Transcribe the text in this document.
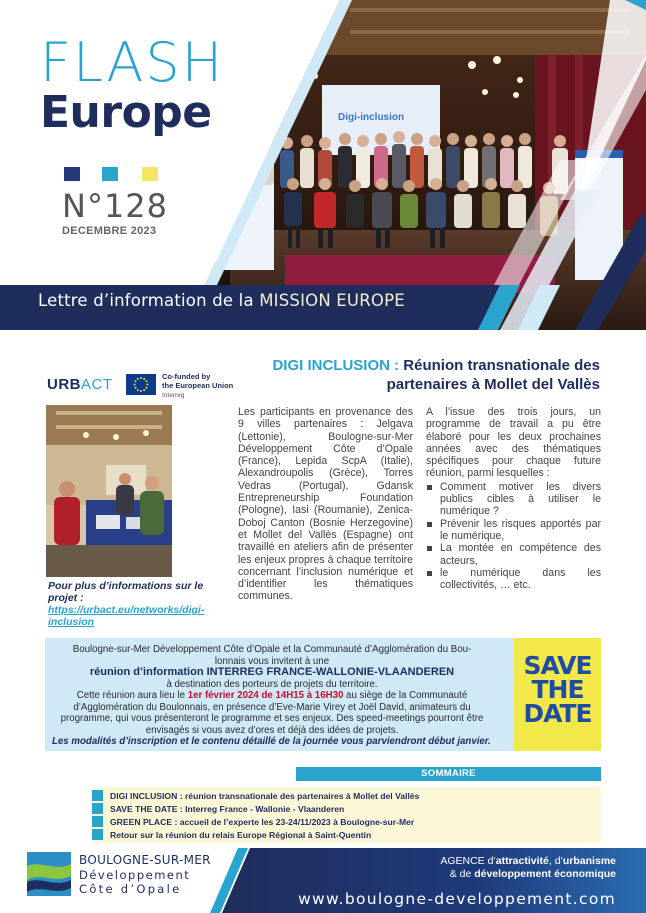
Digi-inclusion
FLASH
Europe
N°128
DECEMBRE 2023
Lettre d’information de la MISSION EUROPE
DIGI INCLUSION : Réunion transnationale des
partenaires à Mollet del Vallès
URBACT	Co-funded by
the European Union
Interreg
Pour plus d’informations sur le projet : https://urbact.eu/networks/digi-inclusion
Les participants en provenance des 9 villes partenaires : Jelgava (Lettonie), Boulogne-sur-Mer Développement Côte d’Opale (France), Lepida ScpA (Italie), Alexandroupolis (Grèce), Torres Vedras (Portugal), Gdansk Entrepreneurship Foundation (Pologne), Iasi (Roumanie), Zenica- Doboj Canton (Bosnie Herzegovine) et Mollet del Vallès (Espagne) ont travaillé en ateliers afin de présenter les enjeux propres à chaque territoire concernant l’inclusion numérique et d’identifier les thématiques communes.
A l’issue des trois jours, un programme de travail a pu être élaboré pour les deux prochaines années avec des thématiques spécifiques pour chaque future réunion, parmi lesquelles :
Comment motiver les divers publics cibles à utiliser le numérique ?
Prévenir les risques apportés par le numérique,
La montée en compétence des acteurs,
le numérique dans les collectivités, … etc.
Boulogne-sur-Mer Développement Côte d’Opale et la Communauté d’Agglomération du Bou-
lonnais vous invitent à une
réunion d’information INTERREG FRANCE-WALLONIE-VLAANDEREN
à destination des porteurs de projets du territoire.
Cette réunion aura lieu le 1er février 2024 de 14H15 à 16H30 au siège de la Communauté d’Agglomération du Boulonnais, en présence d’Eve-Marie Virey et Joël David, animateurs du programme, qui vous présenteront le programme et ses enjeux. Des speed-meetings pourront être envisagés si vous avez d’ores et déjà des idées de projets.
Les modalités d’inscription et le contenu détaillé de la journée vous parviendront début janvier.
SAVE
THE
DATE
SOMMAIRE
DIGI INCLUSION : réunion transnationale des partenaires à Mollet del Vallès
SAVE THE DATE : Interreg France - Wallonie - Vlaanderen
GREEN PLACE : accueil de l’experte les 23-24/11/2023 à Boulogne-sur-Mer
Retour sur la réunion du relais Europe Régional à Saint-Quentin
BOULOGNE-SUR-MER
Développement
Côte d’Opale
AGENCE d’attractivité, d’urbanisme
& de développement économique
www.boulogne-developpement.com
